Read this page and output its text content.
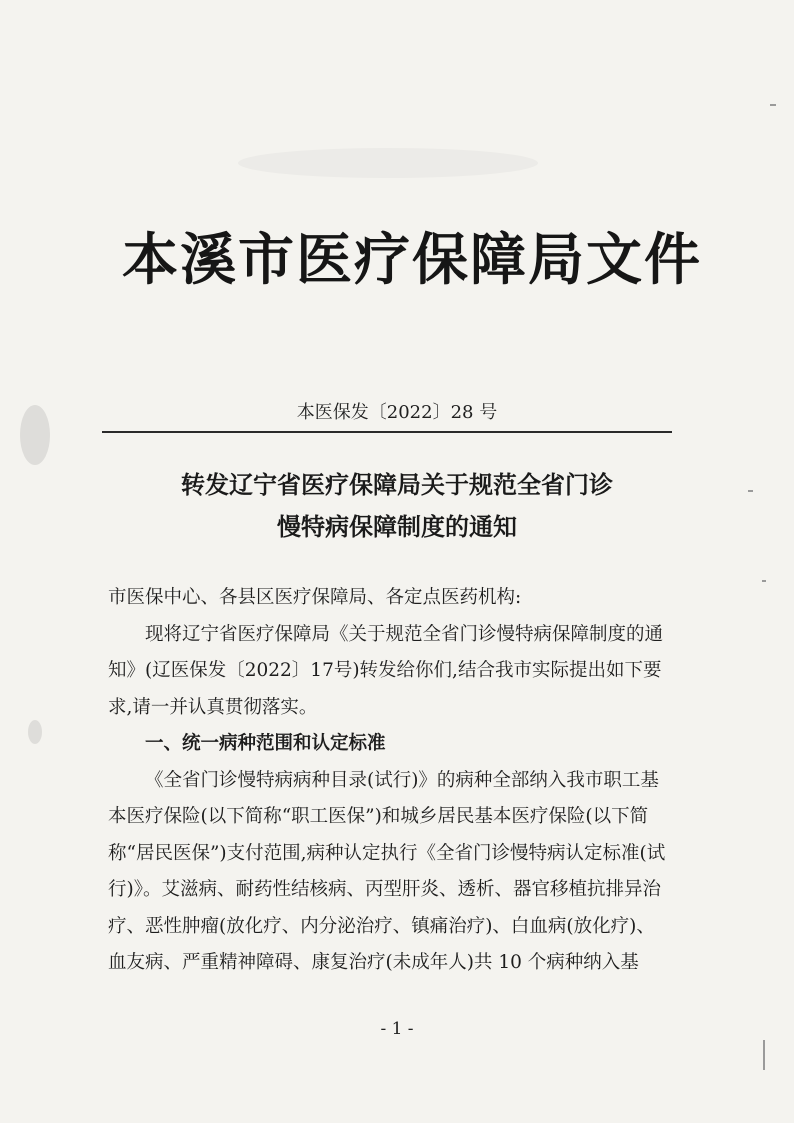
本溪市医疗保障局文件
本医保发〔2022〕28 号
转发辽宁省医疗保障局关于规范全省门诊
慢特病保障制度的通知

市医保中心、各县区医疗保障局、各定点医药机构:

现将辽宁省医疗保障局《关于规范全省门诊慢特病保障制度的通知》(辽医保发〔2022〕17号)转发给你们,结合我市实际提出如下要求,请一并认真贯彻落实。

一、统一病种范围和认定标准

《全省门诊慢特病病种目录(试行)》的病种全部纳入我市职工基本医疗保险(以下简称“职工医保”)和城乡居民基本医疗保险(以下简称“居民医保”)支付范围,病种认定执行《全省门诊慢特病认定标准(试行)》。艾滋病、耐药性结核病、丙型肝炎、透析、器官移植抗排异治疗、恶性肿瘤(放化疗、内分泌治疗、镇痛治疗)、白血病(放化疗)、血友病、严重精神障碍、康复治疗(未成年人)共 10 个病种纳入基

- 1 -
